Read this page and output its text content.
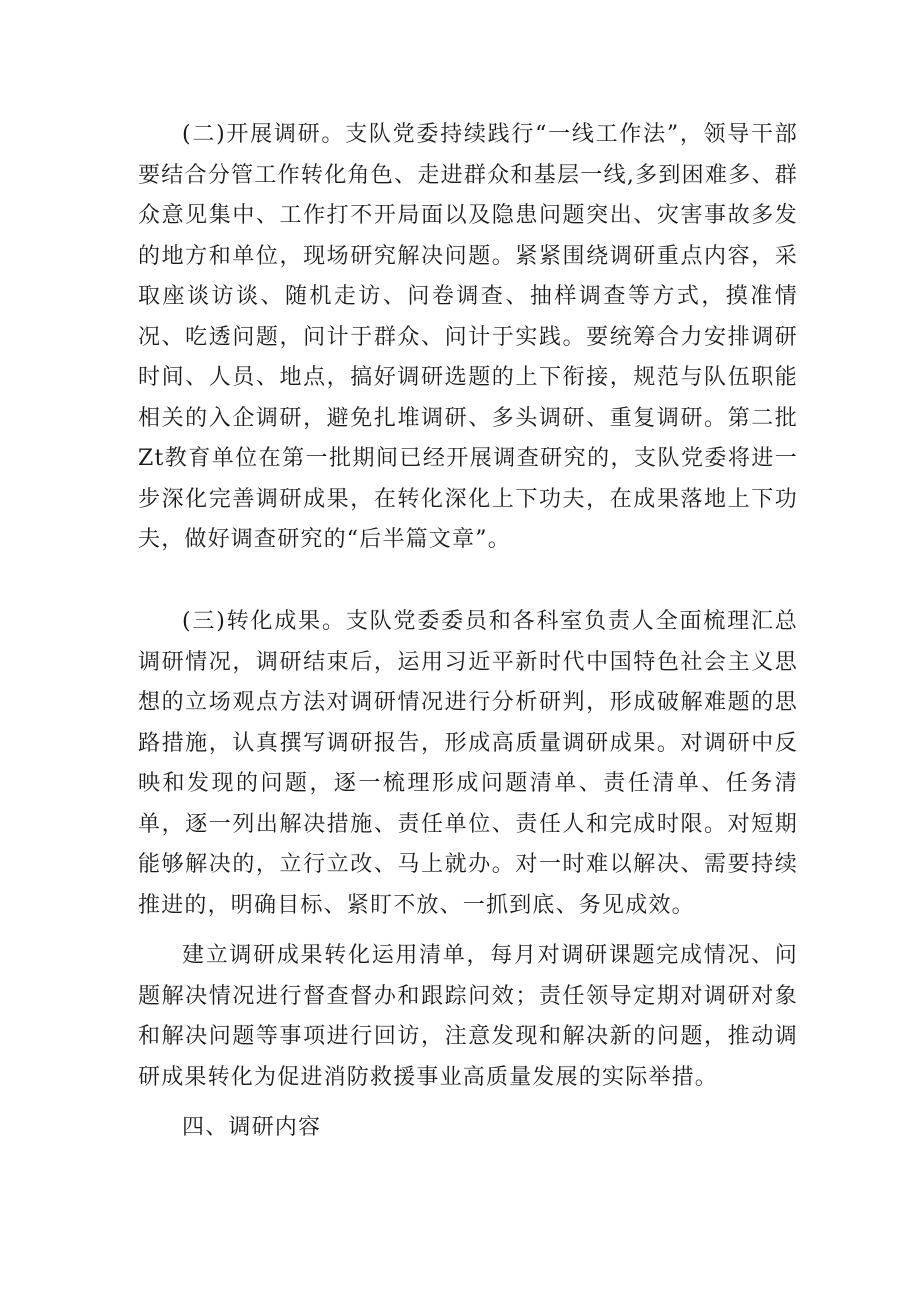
(二)开展调研。支队党委持续践行“一线工作法”，领导干部要结合分管工作转化角色、走进群众和基层一线,多到困难多、群众意见集中、工作打不开局面以及隐患问题突出、灾害事故多发的地方和单位，现场研究解决问题。紧紧围绕调研重点内容，采取座谈访谈、随机走访、问卷调查、抽样调查等方式，摸准情况、吃透问题，问计于群众、问计于实践。要统筹合力安排调研时间、人员、地点，搞好调研选题的上下衔接，规范与队伍职能相关的入企调研，避免扎堆调研、多头调研、重复调研。第二批Zt教育单位在第一批期间已经开展调查研究的，支队党委将进一步深化完善调研成果，在转化深化上下功夫，在成果落地上下功夫，做好调查研究的“后半篇文章”。

(三)转化成果。支队党委委员和各科室负责人全面梳理汇总调研情况，调研结束后，运用习近平新时代中国特色社会主义思想的立场观点方法对调研情况进行分析研判，形成破解难题的思路措施，认真撰写调研报告，形成高质量调研成果。对调研中反映和发现的问题，逐一梳理形成问题清单、责任清单、任务清单，逐一列出解决措施、责任单位、责任人和完成时限。对短期能够解决的，立行立改、马上就办。对一时难以解决、需要持续推进的，明确目标、紧盯不放、一抓到底、务见成效。

建立调研成果转化运用清单，每月对调研课题完成情况、问题解决情况进行督查督办和跟踪问效；责任领导定期对调研对象和解决问题等事项进行回访，注意发现和解决新的问题，推动调研成果转化为促进消防救援事业高质量发展的实际举措。

四、调研内容
